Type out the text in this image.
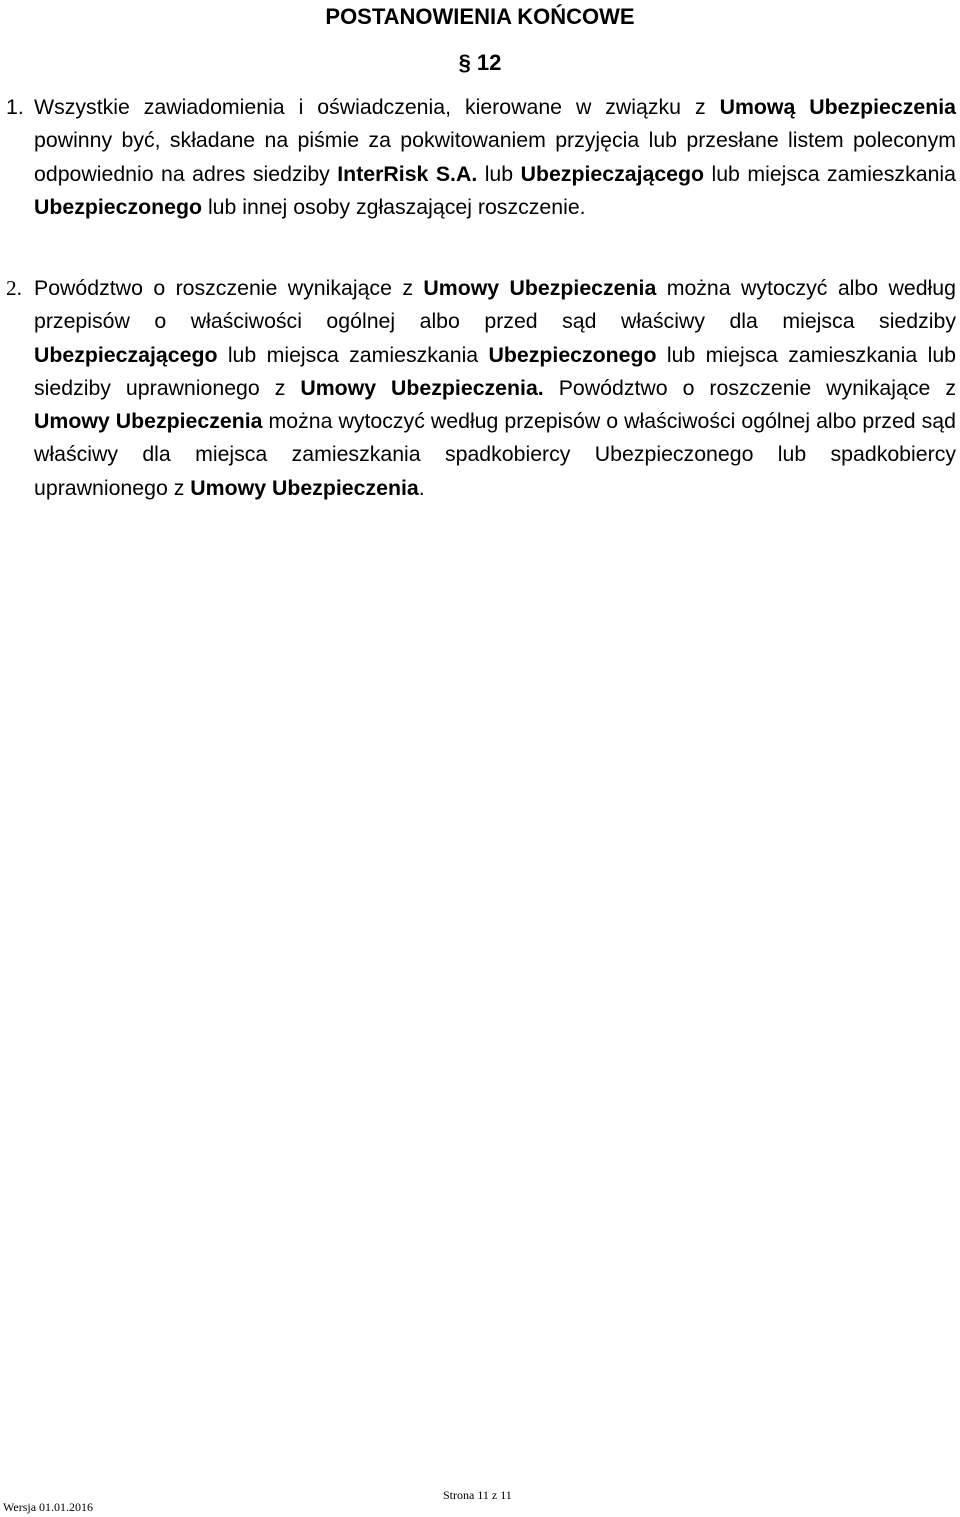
POSTANOWIENIA KOŃCOWE
§ 12

1. Wszystkie zawiadomienia i oświadczenia, kierowane w związku z Umową Ubezpieczenia powinny być, składane na piśmie za pokwitowaniem przyjęcia lub przesłane listem poleconym odpowiednio na adres siedziby InterRisk S.A. lub Ubezpieczającego lub miejsca zamieszkania Ubezpieczonego lub innej osoby zgłaszającej roszczenie.

2. Powództwo o roszczenie wynikające z Umowy Ubezpieczenia można wytoczyć albo według przepisów o właściwości ogólnej albo przed sąd właściwy dla miejsca siedziby Ubezpieczającego lub miejsca zamieszkania Ubezpieczonego lub miejsca zamieszkania lub siedziby uprawnionego z Umowy Ubezpieczenia. Powództwo o roszczenie wynikające z Umowy Ubezpieczenia można wytoczyć według przepisów o właściwości ogólnej albo przed sąd właściwy dla miejsca zamieszkania spadkobiercy Ubezpieczonego lub spadkobiercy uprawnionego z Umowy Ubezpieczenia.

Strona 11 z 11
Wersja 01.01.2016
